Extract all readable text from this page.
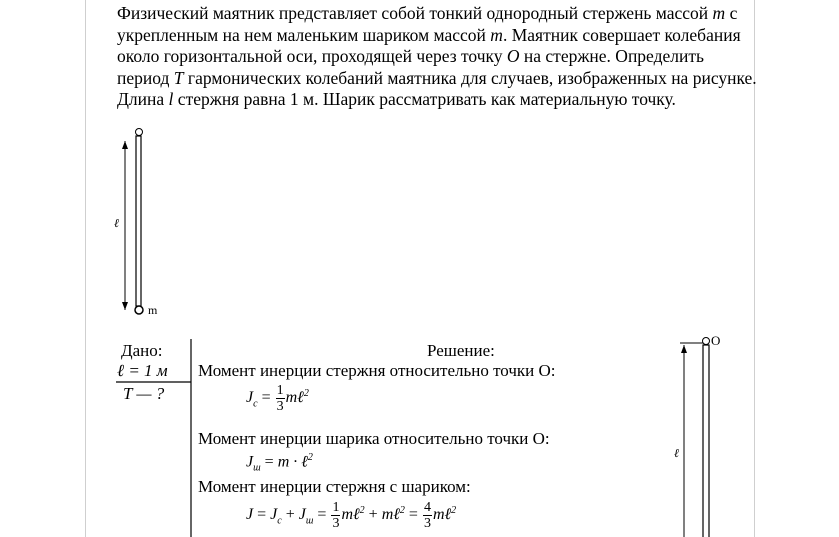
Физический маятник представляет собой тонкий однородный стержень массой m с укрепленным на нем маленьким шариком массой m. Маятник совершает колебания около горизонтальной оси, проходящей через точку O на стержне. Определить период T гармонических колебаний маятника для случаев, изображенных на рисунке. Длина l стержня равна 1 м. Шарик рассматривать как материальную точку.
ℓ
m
O
ℓ
Дано:
ℓ = 1 м
T — ?
Решение:
Момент инерции стержня относительно точки О:
$J_c = \frac{1}{3}$ mℓ$^2$
Момент инерции шарика относительно точки О:
$J_ш = m$ · ℓ$^2$
Момент инерции стержня с шариком:
$J = J_c + J_ш = \frac{1}{3}$ mℓ$^2$ + mℓ$^2$ = $\frac{4}{3}$ mℓ$^2$
